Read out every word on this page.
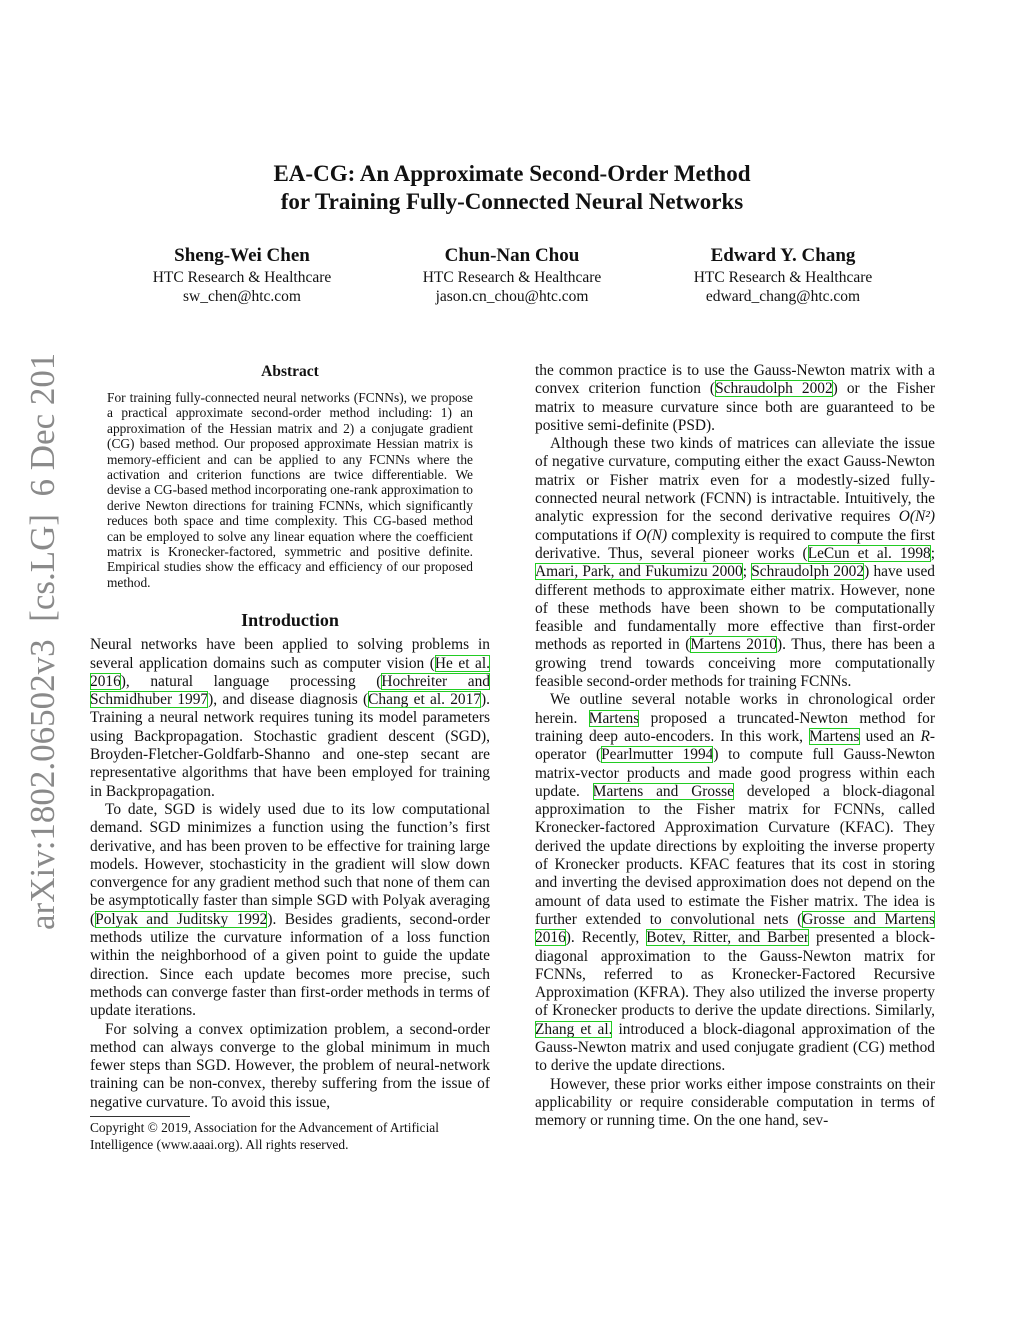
arXiv:1802.06502v3  [cs.LG]  6 Dec 2018
EA-CG: An Approximate Second-Order Method
for Training Fully-Connected Neural Networks
Sheng-Wei Chen
HTC Research & Healthcare
sw_chen@htc.com
Chun-Nan Chou
HTC Research & Healthcare
jason.cn_chou@htc.com
Edward Y. Chang
HTC Research & Healthcare
edward_chang@htc.com
Abstract

For training fully-connected neural networks (FCNNs), we propose a practical approximate second-order method including: 1) an approximation of the Hessian matrix and 2) a conjugate gradient (CG) based method. Our proposed approximate Hessian matrix is memory-efficient and can be applied to any FCNNs where the activation and criterion functions are twice differentiable. We devise a CG-based method incorporating one-rank approximation to derive Newton directions for training FCNNs, which significantly reduces both space and time complexity. This CG-based method can be employed to solve any linear equation where the coefficient matrix is Kronecker-factored, symmetric and positive definite. Empirical studies show the efficacy and efficiency of our proposed method.

Introduction

Neural networks have been applied to solving problems in several application domains such as computer vision (He et al. 2016), natural language processing (Hochreiter and Schmidhuber 1997), and disease diagnosis (Chang et al. 2017). Training a neural network requires tuning its model parameters using Backpropagation. Stochastic gradient descent (SGD), Broyden-Fletcher-Goldfarb-Shanno and one-step secant are representative algorithms that have been employed for training in Backpropagation.

To date, SGD is widely used due to its low computational demand. SGD minimizes a function using the function’s first derivative, and has been proven to be effective for training large models. However, stochasticity in the gradient will slow down convergence for any gradient method such that none of them can be asymptotically faster than simple SGD with Polyak averaging (Polyak and Juditsky 1992). Besides gradients, second-order methods utilize the curvature information of a loss function within the neighborhood of a given point to guide the update direction. Since each update becomes more precise, such methods can converge faster than first-order methods in terms of update iterations.

For solving a convex optimization problem, a second-order method can always converge to the global minimum in much fewer steps than SGD. However, the problem of neural-network training can be non-convex, thereby suffering from the issue of negative curvature. To avoid this issue,

Copyright © 2019, Association for the Advancement of Artificial Intelligence (www.aaai.org). All rights reserved.

the common practice is to use the Gauss-Newton matrix with a convex criterion function (Schraudolph 2002) or the Fisher matrix to measure curvature since both are guaranteed to be positive semi-definite (PSD).

Although these two kinds of matrices can alleviate the issue of negative curvature, computing either the exact Gauss-Newton matrix or Fisher matrix even for a modestly-sized fully-connected neural network (FCNN) is intractable. Intuitively, the analytic expression for the second derivative requires O(N²) computations if O(N) complexity is required to compute the first derivative. Thus, several pioneer works (LeCun et al. 1998; Amari, Park, and Fukumizu 2000; Schraudolph 2002) have used different methods to approximate either matrix. However, none of these methods have been shown to be computationally feasible and fundamentally more effective than first-order methods as reported in (Martens 2010). Thus, there has been a growing trend towards conceiving more computationally feasible second-order methods for training FCNNs.

We outline several notable works in chronological order herein. Martens proposed a truncated-Newton method for training deep auto-encoders. In this work, Martens used an R-operator (Pearlmutter 1994) to compute full Gauss-Newton matrix-vector products and made good progress within each update. Martens and Grosse developed a block-diagonal approximation to the Fisher matrix for FCNNs, called Kronecker-factored Approximation Curvature (KFAC). They derived the update directions by exploiting the inverse property of Kronecker products. KFAC features that its cost in storing and inverting the devised approximation does not depend on the amount of data used to estimate the Fisher matrix. The idea is further extended to convolutional nets (Grosse and Martens 2016). Recently, Botev, Ritter, and Barber presented a block-diagonal approximation to the Gauss-Newton matrix for FCNNs, referred to as Kronecker-Factored Recursive Approximation (KFRA). They also utilized the inverse property of Kronecker products to derive the update directions. Similarly, Zhang et al. introduced a block-diagonal approximation of the Gauss-Newton matrix and used conjugate gradient (CG) method to derive the update directions.

However, these prior works either impose constraints on their applicability or require considerable computation in terms of memory or running time. On the one hand, sev-
